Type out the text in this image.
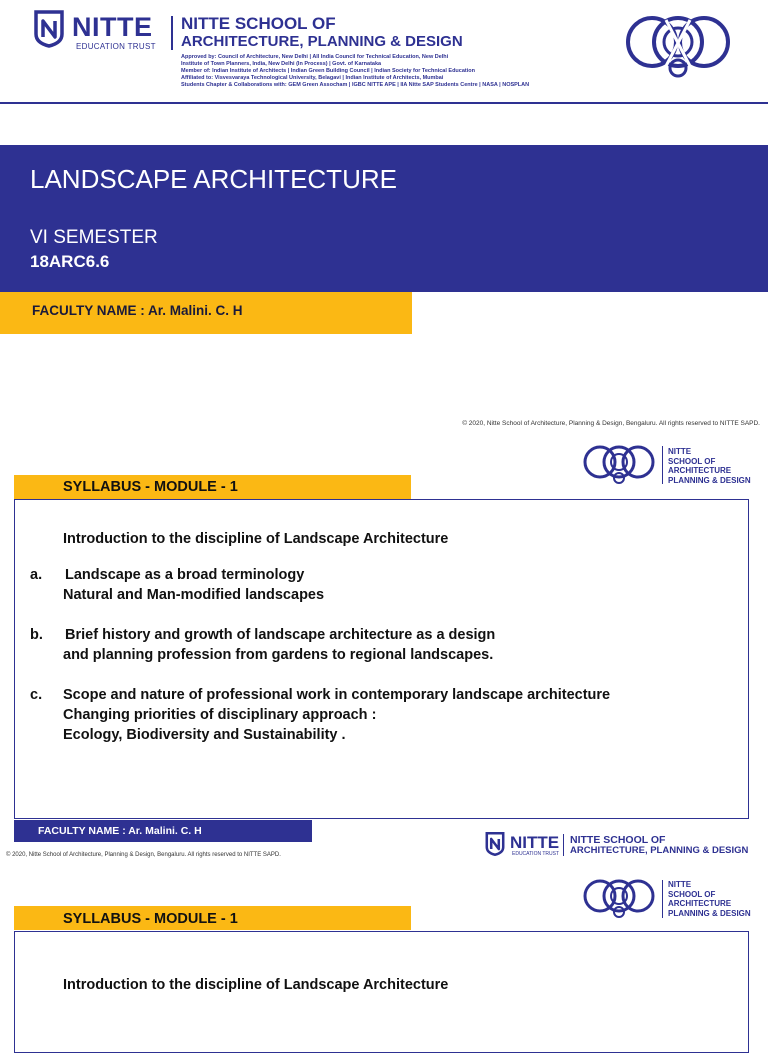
NITTE
EDUCATION TRUST
NITTE SCHOOL OF
ARCHITECTURE, PLANNING & DESIGN
Approved by: Council of Architecture, New Delhi | All India Council for Technical Education, New Delhi
Institute of Town Planners, India, New Delhi (In Process) | Govt. of Karnataka
Member of: Indian Institute of Architects | Indian Green Building Council | Indian Society for Technical Education
Affiliated to: Visvesvaraya Technological University, Belagavi | Indian Institute of Architects, Mumbai
Students Chapter & Collaborations with: GEM Green Assocham | IGBC NITTE APE | IIA Nitte SAP Students Centre | NASA | NOSPLAN
LANDSCAPE ARCHITECTURE
VI SEMESTER
18ARC6.6
FACULTY NAME : Ar. Malini. C. H
© 2020, Nitte School of Architecture, Planning & Design, Bengaluru. All rights reserved to NITTE SAPD.
NITTE
SCHOOL OF
ARCHITECTURE
PLANNING & DESIGN
SYLLABUS - MODULE - 1
Introduction to the discipline of Landscape Architecture
a. Landscape as a broad terminology
Natural and Man-modified landscapes
b. Brief history and growth of landscape architecture as a design
and planning profession from gardens to regional landscapes.
c. Scope and nature of professional work in contemporary landscape architecture
Changing priorities of disciplinary approach :
Ecology, Biodiversity and Sustainability .
FACULTY NAME : Ar. Malini. C. H
© 2020, Nitte School of Architecture, Planning & Design, Bengaluru. All rights reserved to NITTE SAPD.
NITTE
EDUCATION TRUST
NITTE SCHOOL OF
ARCHITECTURE, PLANNING & DESIGN
NITTE
SCHOOL OF
ARCHITECTURE
PLANNING & DESIGN
SYLLABUS - MODULE - 1
Introduction to the discipline of Landscape Architecture
